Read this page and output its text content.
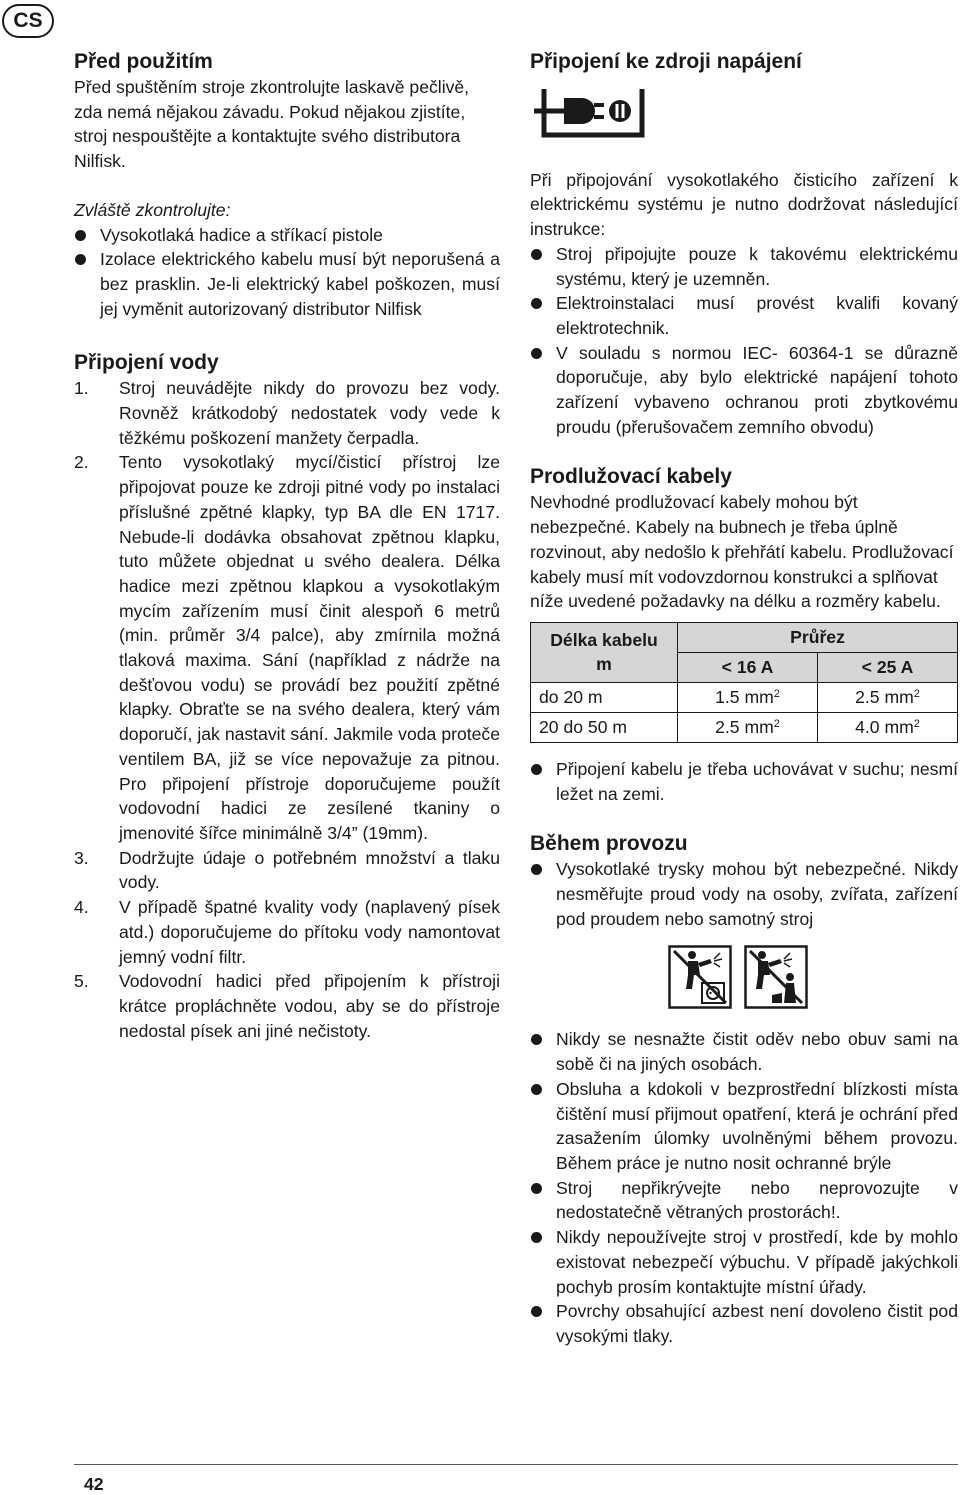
CS
Před použitím

Před spuštěním stroje zkontrolujte laskavě pečlivě, zda nemá nějakou závadu. Pokud nějakou zjistíte, stroj nespouštějte a kontaktujte svého distributora Nilfisk.

Zvláště zkontrolujte:

Vysokotlaká hadice a stříkací pistole
Izolace elektrického kabelu musí být neporušená a bez prasklin. Je-li elektrický kabel poškozen, musí jej vyměnit autorizovaný distributor Nilfisk
Připojení vody
1. Stroj neuvádějte nikdy do provozu bez vody. Rovněž krátkodobý nedostatek vody vede k těžkému poškození manžety čerpadla.
2. Tento vysokotlaký mycí/čisticí přístroj lze připojovat pouze ke zdroji pitné vody po instalaci příslušné zpětné klapky, typ BA dle EN 1717. Nebude-li dodávka obsahovat zpětnou klapku, tuto můžete objednat u svého dealera. Délka hadice mezi zpětnou klapkou a vysokotlakým mycím zařízením musí činit alespoň 6 metrů (min. průměr 3/4 palce), aby zmírnila možná tlaková maxima. Sání (například z nádrže na dešťovou vodu) se provádí bez použití zpětné klapky. Obraťte se na svého dealera, který vám doporučí, jak nastavit sání. Jakmile voda proteče ventilem BA, již se více nepovažuje za pitnou. Pro připojení přístroje doporučujeme použít vodovodní hadici ze zesílené tkaniny o jmenovité šířce minimálně 3/4” (19mm).
3. Dodržujte údaje o potřebném množství a tlaku vody.
4. V případě špatné kvality vody (naplavený písek atd.) doporučujeme do přítoku vody namontovat jemný vodní filtr.
5. Vodovodní hadici před připojením k přístroji krátce propláchněte vodou, aby se do přístroje nedostal písek ani jiné nečistoty.
Připojení ke zdroji napájení

Při připojování vysokotlakého čisticího zařízení k elektrickému systému je nutno dodržovat následující instrukce:

Stroj připojujte pouze k takovému elektrickému systému, který je uzemněn.
Elektroinstalaci musí provést kvalifi kovaný elektrotechnik.
V souladu s normou IEC- 60364-1 se důrazně doporučuje, aby bylo elektrické napájení tohoto zařízení vybaveno ochranou proti zbytkovému proudu (přerušovačem zemního obvodu)
Prodlužovací kabely

Nevhodné prodlužovací kabely mohou být nebezpečné. Kabely na bubnech je třeba úplně rozvinout, aby nedošlo k přehřátí kabelu. Prodlužovací kabely musí mít vodovzdornou konstrukci a splňovat níže uvedené požadavky na délku a rozměry kabelu.

Délka kabelu
m	Průřez	
	< 16 A	< 25 A
do 20 m	1.5 $mm^2$	2.5 $mm^2$
20 do 50 m	2.5 $mm^2$	4.0 $mm^2$
Připojení kabelu je třeba uchovávat v suchu; nesmí ležet na zemi.
Během provozu
Vysokotlaké trysky mohou být nebezpečné. Nikdy nesměřujte proud vody na osoby, zvířata, zařízení pod proudem nebo samotný stroj
Nikdy se nesnažte čistit oděv nebo obuv sami na sobě či na jiných osobách.
Obsluha a kdokoli v bezprostřední blízkosti místa čištění musí přijmout opatření, která je ochrání před zasažením úlomky uvolněnými během provozu. Během práce je nutno nosit ochranné brýle
Stroj nepřikrývejte nebo neprovozujte v nedostatečně větraných prostorách!.
Nikdy nepoužívejte stroj v prostředí, kde by mohlo existovat nebezpečí výbuchu. V případě jakýchkoli pochyb prosím kontaktujte místní úřady.
Povrchy obsahující azbest není dovoleno čistit pod vysokými tlaky.
42
